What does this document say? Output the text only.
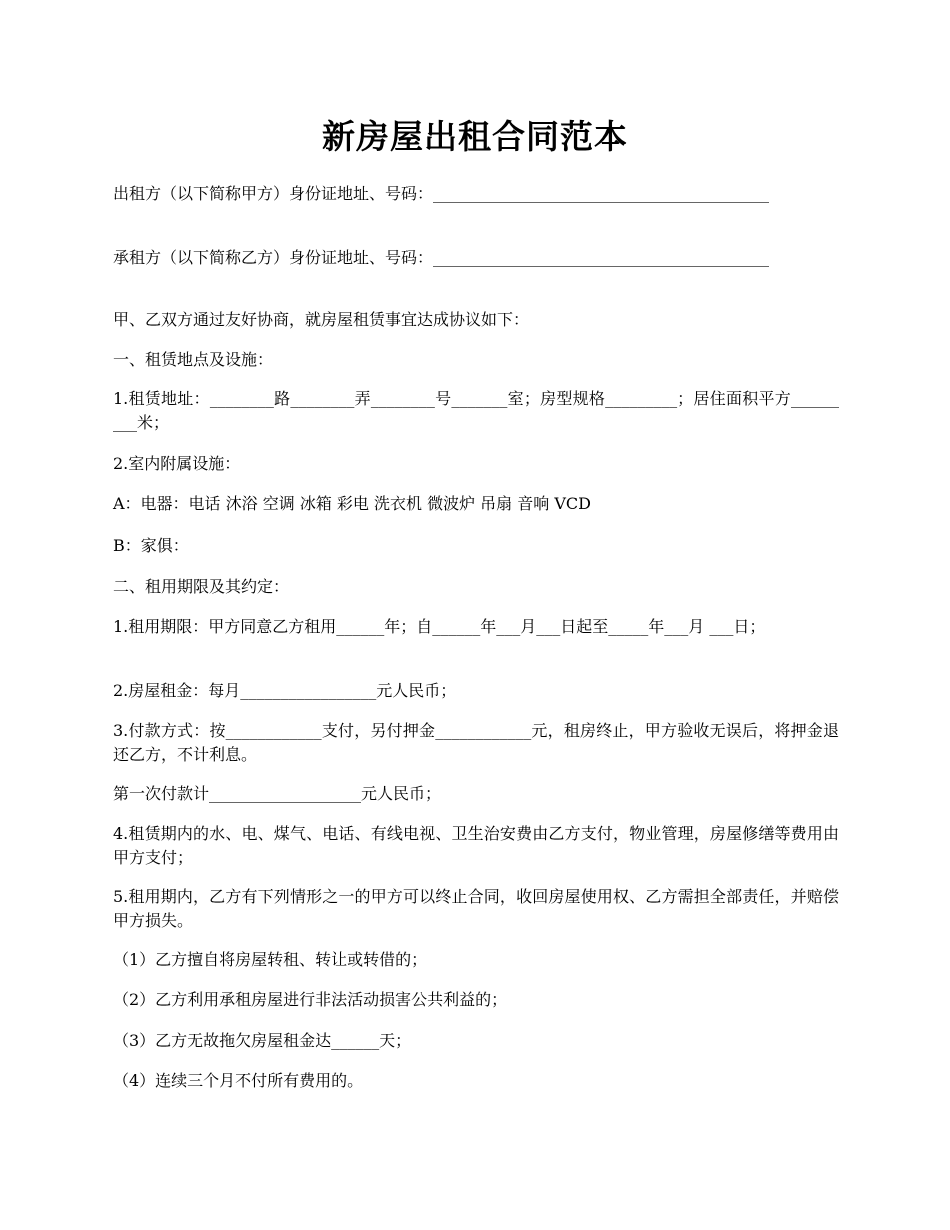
新房屋出租合同范本
出租方（以下简称甲方）身份证地址、号码：__________________________________________
承租方（以下简称乙方）身份证地址、号码：__________________________________________
甲、乙双方通过友好协商，就房屋租赁事宜达成协议如下：
一、租赁地点及设施：
1.租赁地址：________路________弄________号_______室；房型规格_________；居住面积平方_________米；
2.室内附属设施：
A：电器：电话 沐浴 空调 冰箱 彩电 洗衣机 微波炉 吊扇 音响 VCD
B：家俱：
二、租用期限及其约定：
1.租用期限：甲方同意乙方租用______年；自______年___月___日起至_____年___月 ___日；
2.房屋租金：每月_________________元人民币；
3.付款方式：按____________支付，另付押金____________元，租房终止，甲方验收无误后，将押金退还乙方，不计利息。
第一次付款计___________________元人民币；
4.租赁期内的水、电、煤气、电话、有线电视、卫生治安费由乙方支付，物业管理，房屋修缮等费用由甲方支付；
5.租用期内，乙方有下列情形之一的甲方可以终止合同，收回房屋使用权、乙方需担全部责任，并赔偿甲方损失。
（1）乙方擅自将房屋转租、转让或转借的；
（2）乙方利用承租房屋进行非法活动损害公共利益的；
（3）乙方无故拖欠房屋租金达______天；
（4）连续三个月不付所有费用的。
